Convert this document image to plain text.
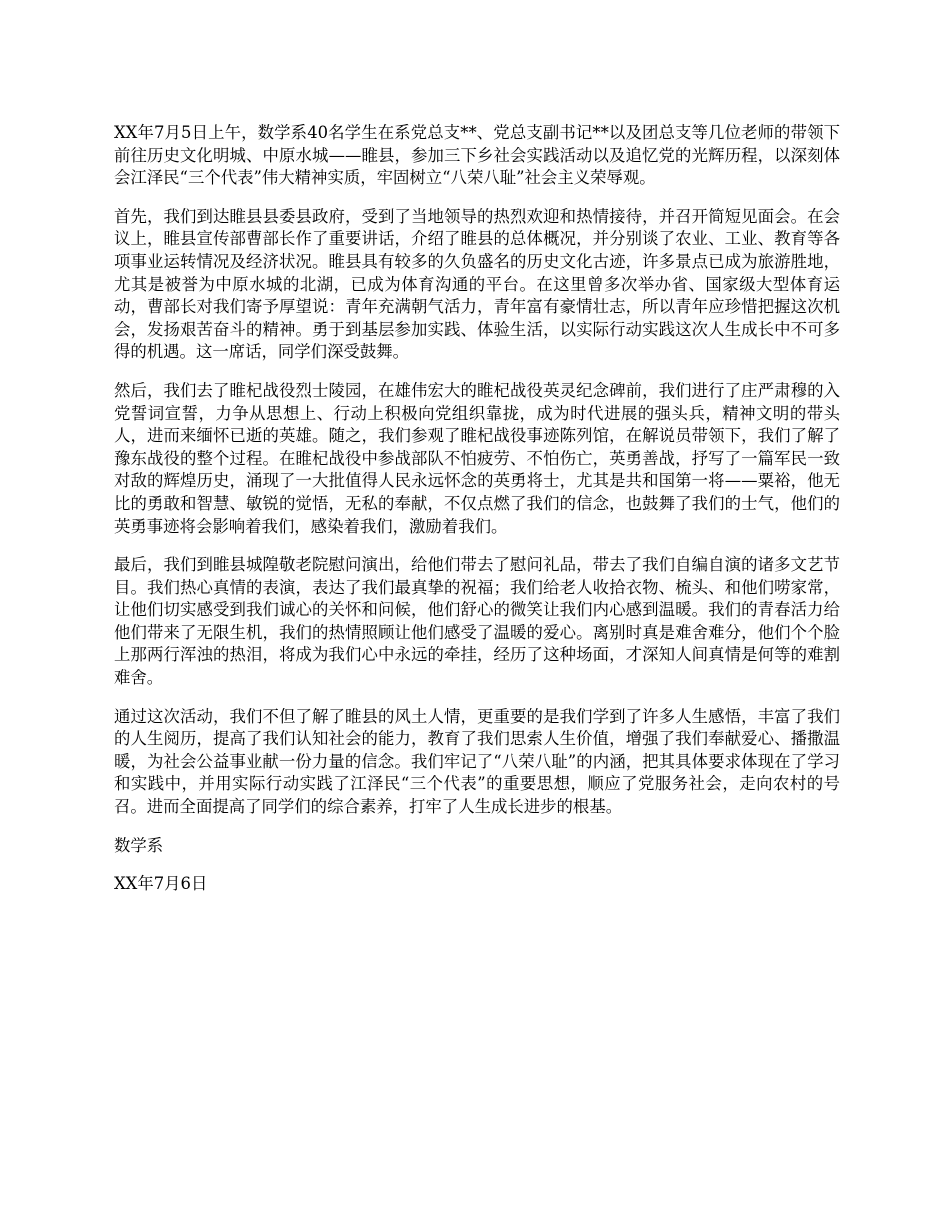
XX年7月5日上午，数学系40名学生在系党总支**、党总支副书记**以及团总支等几位老师的带领下前往历史文化明城、中原水城——睢县，参加三下乡社会实践活动以及追忆党的光辉历程，以深刻体会江泽民“三个代表”伟大精神实质，牢固树立“八荣八耻”社会主义荣辱观。

首先，我们到达睢县县委县政府，受到了当地领导的热烈欢迎和热情接待，并召开简短见面会。在会议上，睢县宣传部曹部长作了重要讲话，介绍了睢县的总体概况，并分别谈了农业、工业、教育等各项事业运转情况及经济状况。睢县具有较多的久负盛名的历史文化古迹，许多景点已成为旅游胜地，尤其是被誉为中原水城的北湖，已成为体育沟通的平台。在这里曾多次举办省、国家级大型体育运动，曹部长对我们寄予厚望说：青年充满朝气活力，青年富有豪情壮志，所以青年应珍惜把握这次机会，发扬艰苦奋斗的精神。勇于到基层参加实践、体验生活，以实际行动实践这次人生成长中不可多得的机遇。这一席话，同学们深受鼓舞。

然后，我们去了睢杞战役烈士陵园，在雄伟宏大的睢杞战役英灵纪念碑前，我们进行了庄严肃穆的入党誓词宣誓，力争从思想上、行动上积极向党组织靠拢，成为时代进展的强头兵，精神文明的带头人，进而来缅怀已逝的英雄。随之，我们参观了睢杞战役事迹陈列馆，在解说员带领下，我们了解了豫东战役的整个过程。在睢杞战役中参战部队不怕疲劳、不怕伤亡，英勇善战，抒写了一篇军民一致对敌的辉煌历史，涌现了一大批值得人民永远怀念的英勇将士，尤其是共和国第一将——粟裕，他无比的勇敢和智慧、敏锐的觉悟，无私的奉献，不仅点燃了我们的信念，也鼓舞了我们的士气，他们的英勇事迹将会影响着我们，感染着我们，激励着我们。

最后，我们到睢县城隍敬老院慰问演出，给他们带去了慰问礼品，带去了我们自编自演的诸多文艺节目。我们热心真情的表演，表达了我们最真挚的祝福；我们给老人收拾衣物、梳头、和他们唠家常，让他们切实感受到我们诚心的关怀和问候，他们舒心的微笑让我们内心感到温暖。我们的青春活力给他们带来了无限生机，我们的热情照顾让他们感受了温暖的爱心。离别时真是难舍难分，他们个个脸上那两行浑浊的热泪，将成为我们心中永远的牵挂，经历了这种场面，才深知人间真情是何等的难割难舍。

通过这次活动，我们不但了解了睢县的风土人情，更重要的是我们学到了许多人生感悟，丰富了我们的人生阅历，提高了我们认知社会的能力，教育了我们思索人生价值，增强了我们奉献爱心、播撒温暖，为社会公益事业献一份力量的信念。我们牢记了“八荣八耻”的内涵，把其具体要求体现在了学习和实践中，并用实际行动实践了江泽民“三个代表”的重要思想，顺应了党服务社会，走向农村的号召。进而全面提高了同学们的综合素养，打牢了人生成长进步的根基。

数学系

XX年7月6日
